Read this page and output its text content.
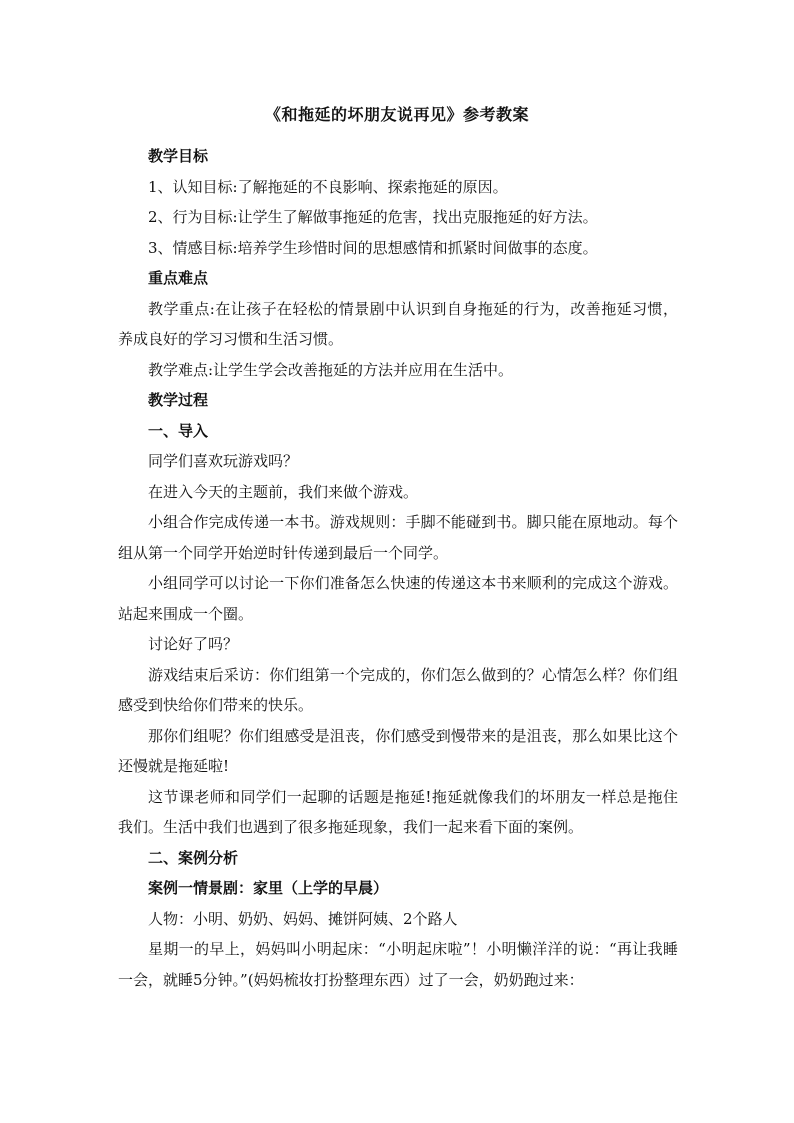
《和拖延的坏朋友说再见》参考教案

教学目标

1、认知目标:了解拖延的不良影响、探索拖延的原因。

2、行为目标:让学生了解做事拖延的危害，找出克服拖延的好方法。

3、情感目标:培养学生珍惜时间的思想感情和抓紧时间做事的态度。

重点难点

教学重点:在让孩子在轻松的情景剧中认识到自身拖延的行为，改善拖延习惯，养成良好的学习习惯和生活习惯。

教学难点:让学生学会改善拖延的方法并应用在生活中。

教学过程

一、导入

同学们喜欢玩游戏吗？

在进入今天的主题前，我们来做个游戏。

小组合作完成传递一本书。游戏规则：手脚不能碰到书。脚只能在原地动。每个组从第一个同学开始逆时针传递到最后一个同学。

小组同学可以讨论一下你们准备怎么快速的传递这本书来顺利的完成这个游戏。站起来围成一个圈。

讨论好了吗？

游戏结束后采访：你们组第一个完成的，你们怎么做到的？心情怎么样？你们组感受到快给你们带来的快乐。

那你们组呢？你们组感受是沮丧，你们感受到慢带来的是沮丧，那么如果比这个还慢就是拖延啦!

这节课老师和同学们一起聊的话题是拖延!拖延就像我们的坏朋友一样总是拖住我们。生活中我们也遇到了很多拖延现象，我们一起来看下面的案例。

二、案例分析

案例一情景剧：家里（上学的早晨）

人物：小明、奶奶、妈妈、摊饼阿姨、2个路人

星期一的早上，妈妈叫小明起床：“小明起床啦”！小明懒洋洋的说：“再让我睡一会，就睡5分钟。”(妈妈梳妆打扮整理东西）过了一会，奶奶跑过来：
